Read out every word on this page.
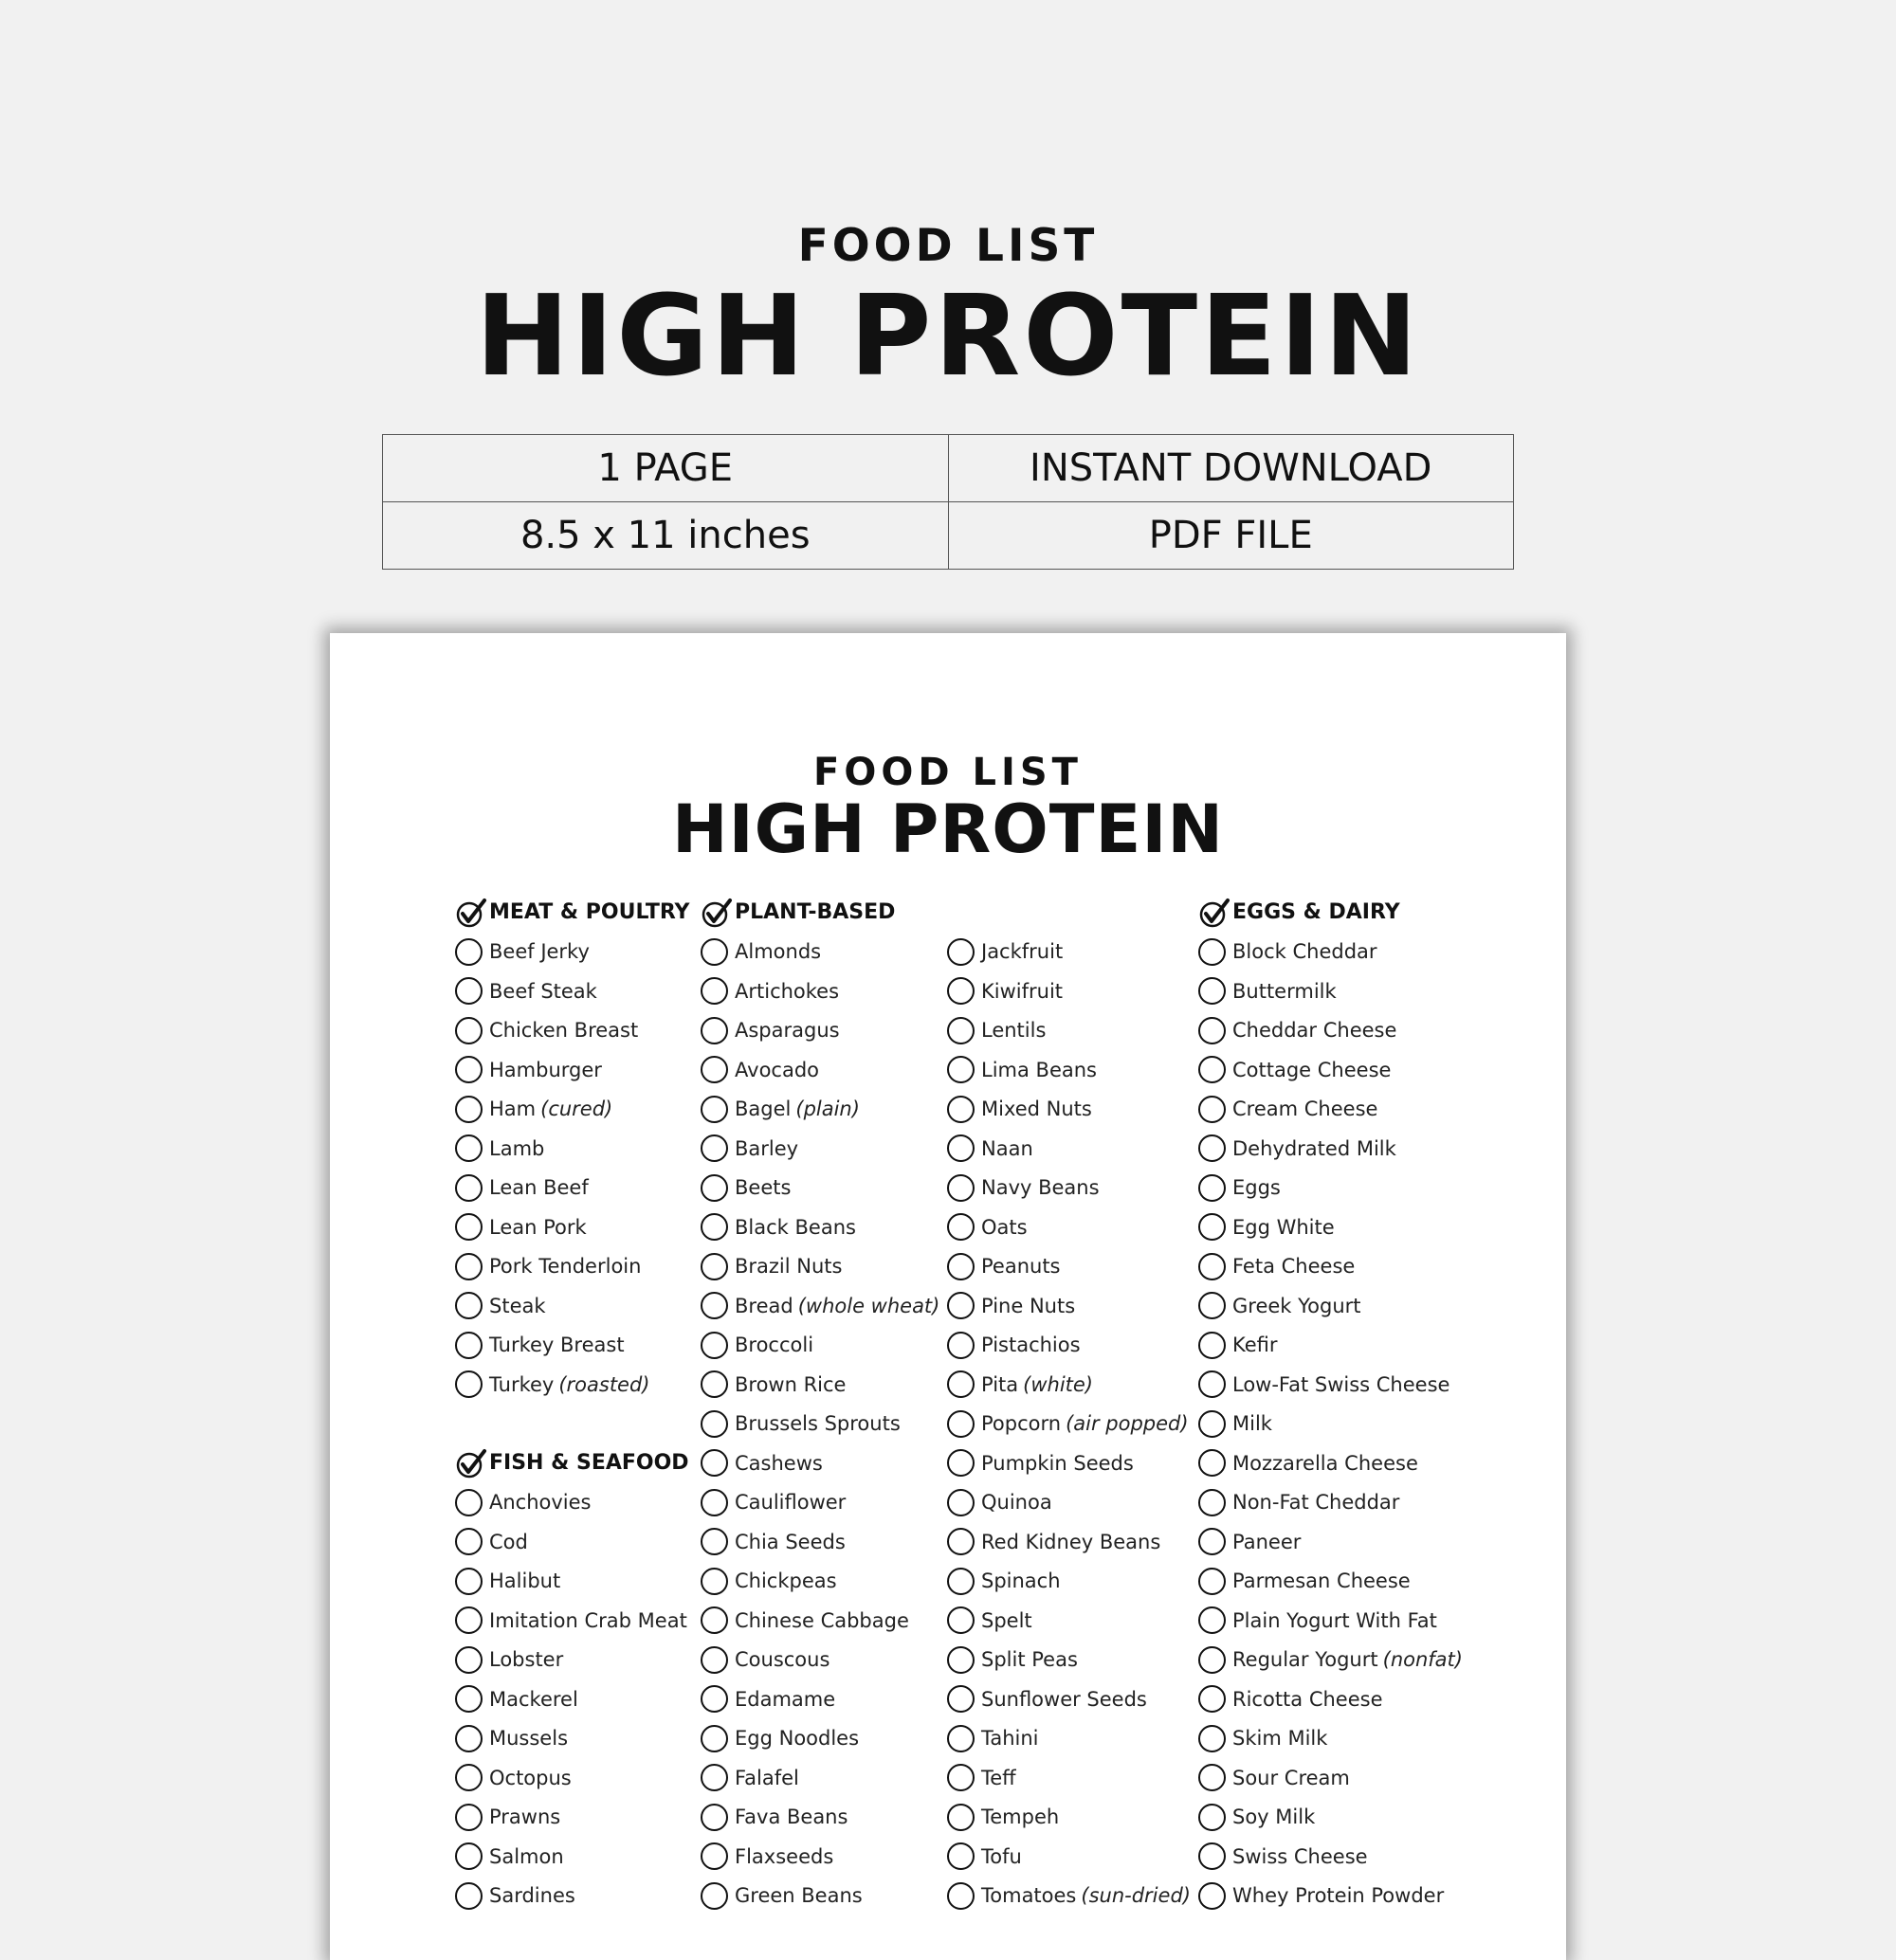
FOOD LIST
HIGH PROTEIN
1 PAGE	INSTANT DOWNLOAD
8.5 x 11 inches	PDF FILE
FOOD LIST
HIGH PROTEIN
MEAT & POULTRY
Beef Jerky
Beef Steak
Chicken Breast
Hamburger
Ham (cured)
Lamb
Lean Beef
Lean Pork
Pork Tenderloin
Steak
Turkey Breast
Turkey (roasted)
FISH & SEAFOOD
Anchovies
Cod
Halibut
Imitation Crab Meat
Lobster
Mackerel
Mussels
Octopus
Prawns
Salmon
Sardines
PLANT-BASED
Almonds
Artichokes
Asparagus
Avocado
Bagel (plain)
Barley
Beets
Black Beans
Brazil Nuts
Bread (whole wheat)
Broccoli
Brown Rice
Brussels Sprouts
Cashews
Cauliflower
Chia Seeds
Chickpeas
Chinese Cabbage
Couscous
Edamame
Egg Noodles
Falafel
Fava Beans
Flaxseeds
Green Beans
Jackfruit
Kiwifruit
Lentils
Lima Beans
Mixed Nuts
Naan
Navy Beans
Oats
Peanuts
Pine Nuts
Pistachios
Pita (white)
Popcorn (air popped)
Pumpkin Seeds
Quinoa
Red Kidney Beans
Spinach
Spelt
Split Peas
Sunflower Seeds
Tahini
Teff
Tempeh
Tofu
Tomatoes (sun-dried)
EGGS & DAIRY
Block Cheddar
Buttermilk
Cheddar Cheese
Cottage Cheese
Cream Cheese
Dehydrated Milk
Eggs
Egg White
Feta Cheese
Greek Yogurt
Kefir
Low-Fat Swiss Cheese
Milk
Mozzarella Cheese
Non-Fat Cheddar
Paneer
Parmesan Cheese
Plain Yogurt With Fat
Regular Yogurt (nonfat)
Ricotta Cheese
Skim Milk
Sour Cream
Soy Milk
Swiss Cheese
Whey Protein Powder
